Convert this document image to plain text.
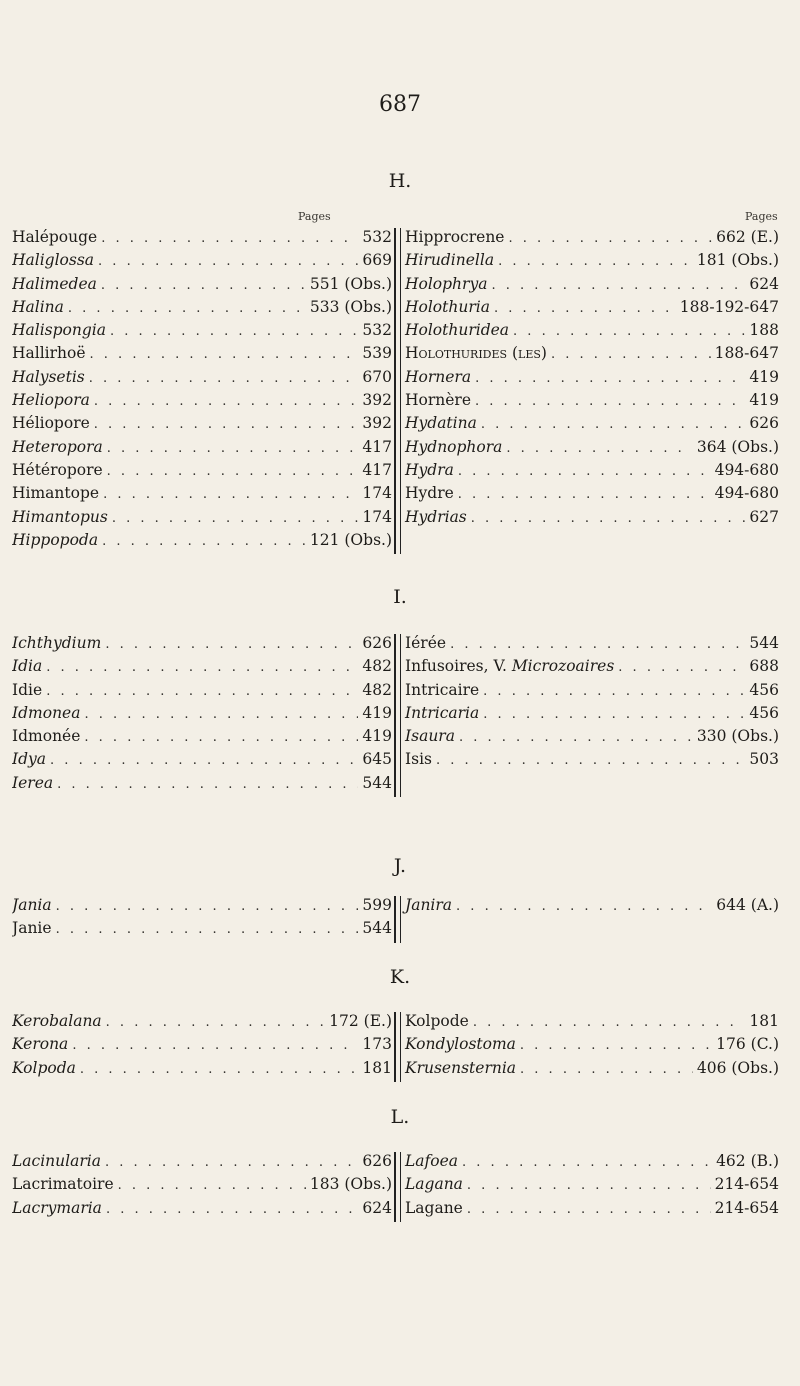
687
H.
Pages	Pages
Halépouge . . .	532
Haliglossa . . .	669
Halimedea . . .	551 (Obs.)
Halina . . .	533 (Obs.)
Halispongia . . .	532
Hallirhoë . . .	539
Halysetis . . .	670
Heliopora . . .	392
Héliopore . . .	392
Heteropora . . .	417
Hétéropore . . .	417
Himantope . . .	174
Himantopus . . .	174
Hippopoda . . .	121 (Obs.)
Hipprocrene . . .	662 (E.)
Hirudinella . . .	181 (Obs.)
Holophrya . . .	624
Holothuria . . .	188-192-647
Holothuridea . . .	188
Holothurides (les) . . .	188-647
Hornera . . .	419
Hornère . . .	419
Hydatina . . .	626
Hydnophora . . .	364 (Obs.)
Hydra . . .	494-680
Hydre . . .	494-680
Hydrias . . .	627
I.
Ichthydium . . .	626
Idia . . .	482
Idie . . .	482
Idmonea . . .	419
Idmonée . . .	419
Idya . . .	645
Ierea . . .	544
Iérée . . .	544
Infusoires, V. Microzoaires . . .	688
Intricaire . . .	456
Intricaria . . .	456
Isaura . . .	330 (Obs.)
Isis . . .	503
J.
Jania . . .	599
Janie . . .	544
Janira . . .	644 (A.)
K.
Kerobalana . . .	172 (E.)
Kerona . . .	173
Kolpoda . . .	181
Kolpode . . .	181
Kondylostoma . . .	176 (C.)
Krusensternia . . .	406 (Obs.)
L.
Lacinularia . . .	626
Lacrimatoire . . .	183 (Obs.)
Lacrymaria . . .	624
Lafoea . . .	462 (B.)
Lagana . . .	214-654
Lagane . . .	214-654
